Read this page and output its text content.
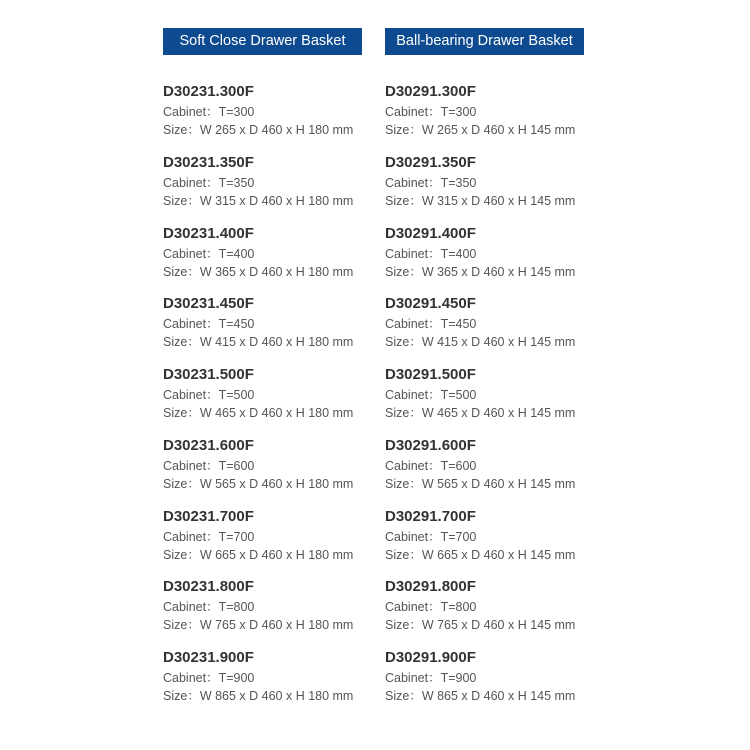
Soft Close Drawer Basket
D30231.300F
Cabinet：T=300
Size：W 265 x D 460 x H 180 mm
D30231.350F
Cabinet：T=350
Size：W 315 x D 460 x H 180 mm
D30231.400F
Cabinet：T=400
Size：W 365 x D 460 x H 180 mm
D30231.450F
Cabinet：T=450
Size：W 415 x D 460 x H 180 mm
D30231.500F
Cabinet：T=500
Size：W 465 x D 460 x H 180 mm
D30231.600F
Cabinet：T=600
Size：W 565 x D 460 x H 180 mm
D30231.700F
Cabinet：T=700
Size：W 665 x D 460 x H 180 mm
D30231.800F
Cabinet：T=800
Size：W 765 x D 460 x H 180 mm
D30231.900F
Cabinet：T=900
Size：W 865 x D 460 x H 180 mm
Ball-bearing Drawer Basket
D30291.300F
Cabinet：T=300
Size：W 265 x D 460 x H 145 mm
D30291.350F
Cabinet：T=350
Size：W 315 x D 460 x H 145 mm
D30291.400F
Cabinet：T=400
Size：W 365 x D 460 x H 145 mm
D30291.450F
Cabinet：T=450
Size：W 415 x D 460 x H 145 mm
D30291.500F
Cabinet：T=500
Size：W 465 x D 460 x H 145 mm
D30291.600F
Cabinet：T=600
Size：W 565 x D 460 x H 145 mm
D30291.700F
Cabinet：T=700
Size：W 665 x D 460 x H 145 mm
D30291.800F
Cabinet：T=800
Size：W 765 x D 460 x H 145 mm
D30291.900F
Cabinet：T=900
Size：W 865 x D 460 x H 145 mm
